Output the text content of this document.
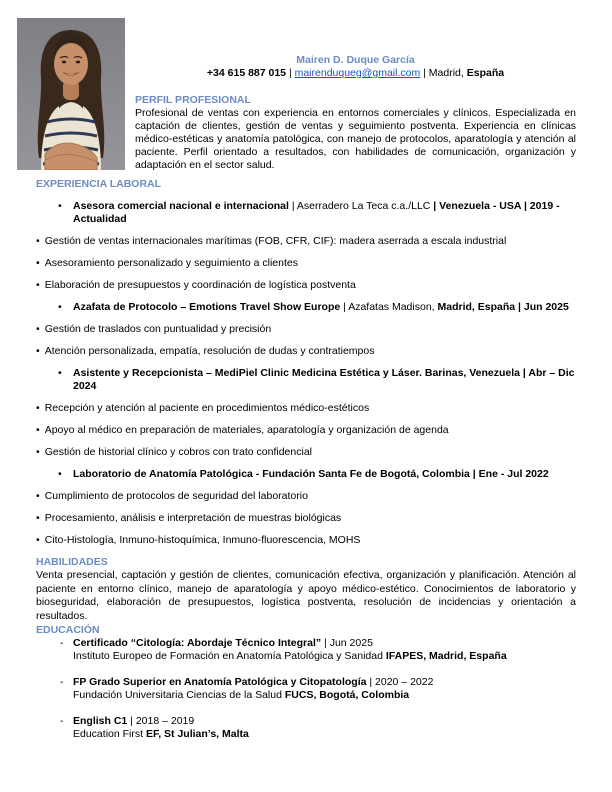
Mairen D. Duque García
+34 615 887 015 | mairenduqueg@gmail.com | Madrid, España
PERFIL PROFESIONAL

Profesional de ventas con experiencia en entornos comerciales y clínicos. Especializada en captación de clientes, gestión de ventas y seguimiento postventa. Experiencia en clínicas médico-estéticas y anatomía patológica, con manejo de protocolos, aparatología y atención al paciente. Perfil orientado a resultados, con habilidades de comunicación, organización y adaptación en el sector salud.

EXPERIENCIA LABORAL
• Asesora comercial nacional e internacional | Aserradero La Teca c.a./LLC | Venezuela - USA | 2019 - Actualidad

• Gestión de ventas internacionales marítimas (FOB, CFR, CIF): madera aserrada a escala industrial

• Asesoramiento personalizado y seguimiento a clientes

• Elaboración de presupuestos y coordinación de logística postventa

• Azafata de Protocolo – Emotions Travel Show Europe | Azafatas Madison, Madrid, España | Jun 2025

• Gestión de traslados con puntualidad y precisión

• Atención personalizada, empatía, resolución de dudas y contratiempos

• Asistente y Recepcionista – MediPiel Clinic Medicina Estética y Láser. Barinas, Venezuela | Abr – Dic 2024

• Recepción y atención al paciente en procedimientos médico-estéticos

• Apoyo al médico en preparación de materiales, aparatología y organización de agenda

• Gestión de historial clínico y cobros con trato confidencial

• Laboratorio de Anatomía Patológica - Fundación Santa Fe de Bogotá, Colombia | Ene - Jul 2022

• Cumplimiento de protocolos de seguridad del laboratorio

• Procesamiento, análisis e interpretación de muestras biológicas

• Cito-Histología, Inmuno-histoquímica, Inmuno-fluorescencia, MOHS

HABILIDADES

Venta presencial, captación y gestión de clientes, comunicación efectiva, organización y planificación. Atención al paciente en entorno clínico, manejo de aparatología y apoyo médico-estético. Conocimientos de laboratorio y bioseguridad, elaboración de presupuestos, logística postventa, resolución de incidencias y orientación a resultados.

EDUCACIÓN
- Certificado “Citología: Abordaje Técnico Integral” | Jun 2025
Instituto Europeo de Formación en Anatomía Patológica y Sanidad IFAPES, Madrid, España
- FP Grado Superior en Anatomía Patológica y Citopatología | 2020 – 2022
Fundación Universitaria Ciencias de la Salud FUCS, Bogotá, Colombia
- English C1 | 2018 – 2019
Education First EF, St Julian’s, Malta
